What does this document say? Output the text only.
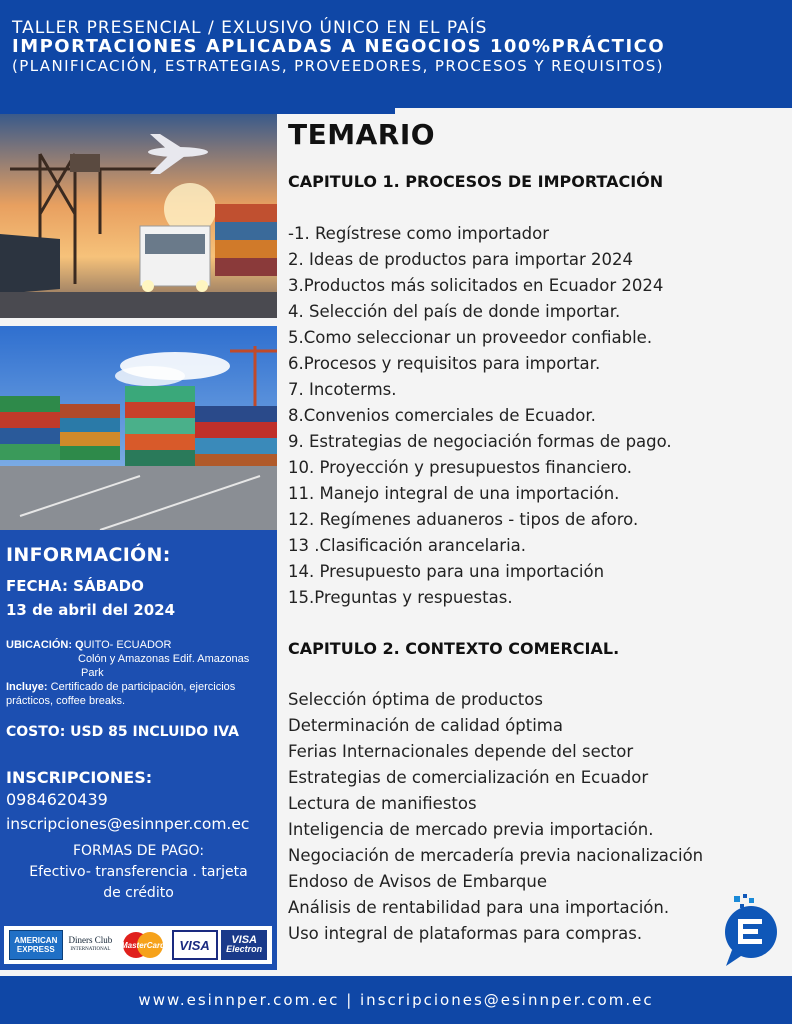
TALLER PRESENCIAL / EXLUSIVO ÚNICO EN EL PAÍS
IMPORTACIONES APLICADAS A NEGOCIOS 100%PRÁCTICO
(PLANIFICACIÓN, ESTRATEGIAS, PROVEEDORES, PROCESOS Y REQUISITOS)
INFORMACIÓN:
FECHA: SÁBADO
13 de abril del 2024
UBICACIÓN: QUITO- ECUADOR
Colón y Amazonas Edif. Amazonas
Park
Incluye: Certificado de participación, ejercicios prácticos, coffee breaks.
COSTO: USD 85 INCLUIDO IVA
INSCRIPCIONES:
0984620439
inscripciones@esinnper.com.ec
FORMAS DE PAGO:
Efectivo- transferencia . tarjeta
de crédito
AMERICAN
EXPRESS
Diners Club
INTERNATIONAL MasterCard	VISA	VISA
Electron
TEMARIO
CAPITULO 1. PROCESOS DE IMPORTACIÓN
-1. Regístrese como importador
2. Ideas de productos para importar 2024
3.Productos más solicitados en Ecuador 2024
4. Selección del país de donde importar.
5.Como seleccionar un proveedor confiable.
6.Procesos y requisitos para importar.
7. Incoterms.
8.Convenios comerciales de Ecuador.
9. Estrategias de negociación formas de pago.
10. Proyección y presupuestos financiero.
11. Manejo integral de una importación.
12. Regímenes aduaneros - tipos de aforo.
13 .Clasificación arancelaria.
14. Presupuesto para una importación
15.Preguntas y respuestas.
CAPITULO 2. CONTEXTO COMERCIAL.
Selección óptima de productos
Determinación de calidad óptima
Ferias Internacionales depende del sector
Estrategias de comercialización en Ecuador
Lectura de manifiestos
Inteligencia de mercado previa importación.
Negociación de mercadería previa nacionalización
Endoso de Avisos de Embarque
Análisis de rentabilidad para una importación.
Uso integral de plataformas para compras.
www.esinnper.com.ec | inscripciones@esinnper.com.ec
